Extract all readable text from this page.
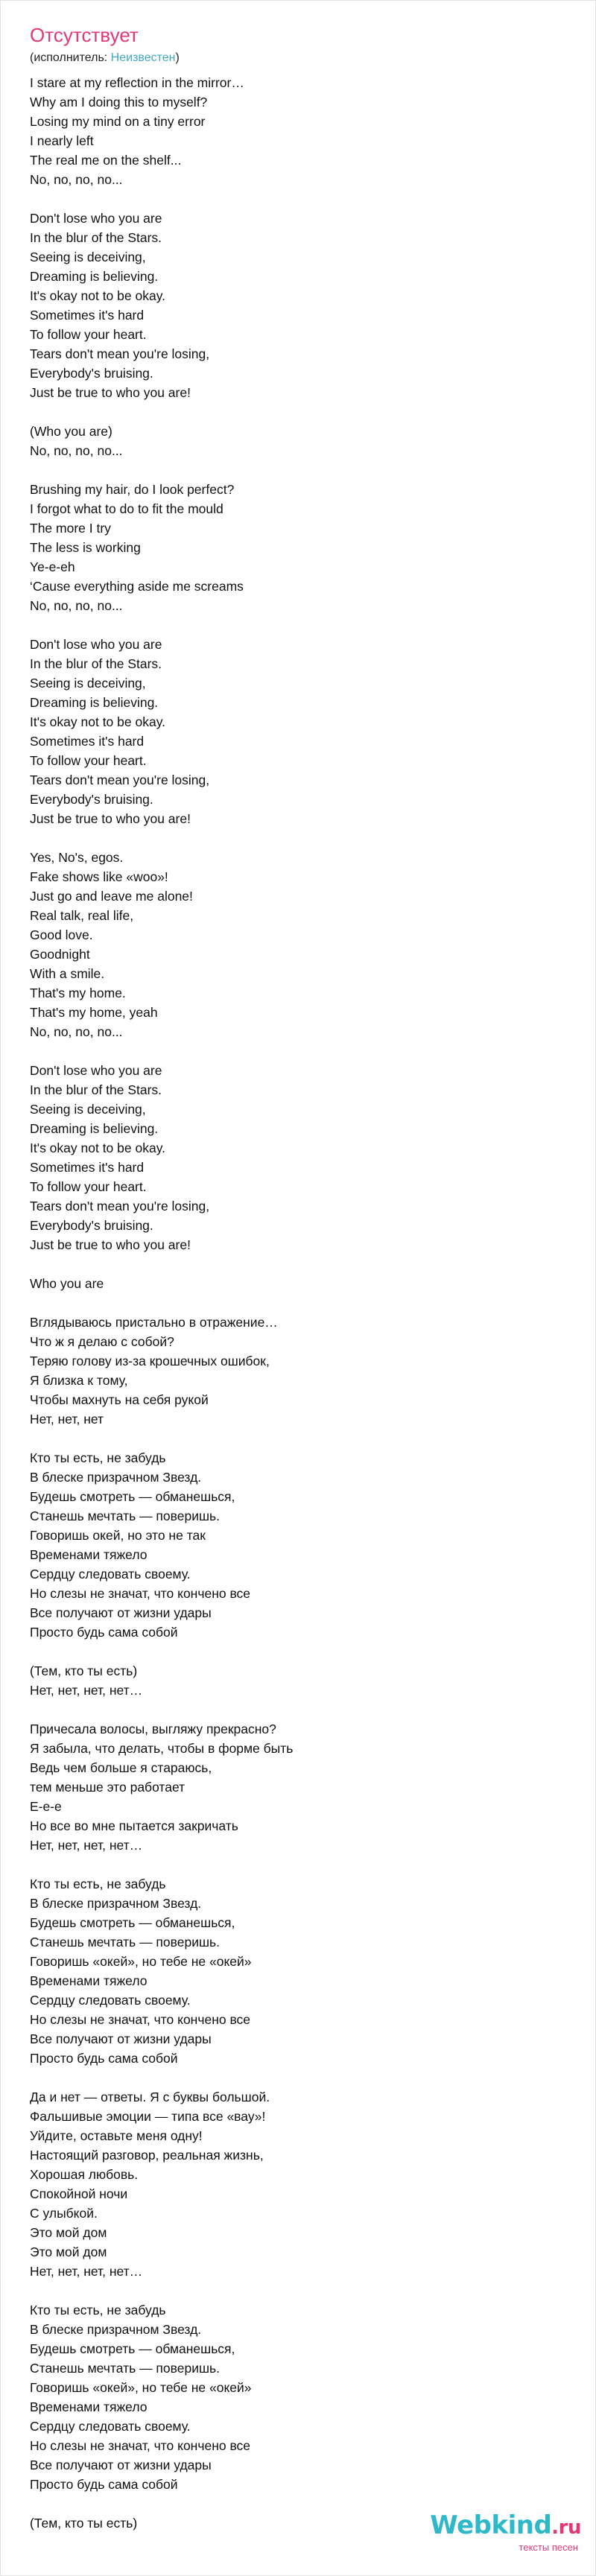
Отсутствует
(исполнитель: Неизвестен)
I stare at my reflection in the mirror…
Why am I doing this to myself?
Losing my mind on a tiny error
I nearly left
The real me on the shelf...
No, no, no, no...
Don't lose who you are
In the blur of the Stars.
Seeing is deceiving,
Dreaming is believing.
It's okay not to be okay.
Sometimes it's hard
To follow your heart.
Tears don't mean you're losing,
Everybody's bruising.
Just be true to who you are!
(Who you are)
No, no, no, no...
Brushing my hair, do I look perfect?
I forgot what to do to fit the mould
The more I try
The less is working
Ye-e-eh
‘Cause everything aside me screams
No, no, no, no...
Don't lose who you are
In the blur of the Stars.
Seeing is deceiving,
Dreaming is believing.
It's okay not to be okay.
Sometimes it's hard
To follow your heart.
Tears don't mean you're losing,
Everybody's bruising.
Just be true to who you are!
Yes, No's, egos.
Fake shows like «woo»!
Just go and leave me alone!
Real talk, real life,
Good love.
Goodnight
With a smile.
That's my home.
That's my home, yeah
No, no, no, no...
Don't lose who you are
In the blur of the Stars.
Seeing is deceiving,
Dreaming is believing.
It's okay not to be okay.
Sometimes it's hard
To follow your heart.
Tears don't mean you're losing,
Everybody's bruising.
Just be true to who you are!
Who you are
Вглядываюсь пристально в отражение…
Что ж я делаю с собой?
Теряю голову из-за крошечных ошибок,
Я близка к тому,
Чтобы махнуть на себя рукой
Нет, нет, нет
Кто ты есть, не забудь
В блеске призрачном Звезд.
Будешь смотреть — обманешься,
Станешь мечтать — поверишь.
Говоришь окей, но это не так
Временами тяжело
Сердцу следовать своему.
Но слезы не значат, что кончено все
Все получают от жизни удары
Просто будь сама собой
(Тем, кто ты есть)
Нет, нет, нет, нет…
Причесала волосы, выгляжу прекрасно?
Я забыла, что делать, чтобы в форме быть
Ведь чем больше я стараюсь,
тем меньше это работает
Е-е-е
Но все во мне пытается закричать
Нет, нет, нет, нет…
Кто ты есть, не забудь
В блеске призрачном Звезд.
Будешь смотреть — обманешься,
Станешь мечтать — поверишь.
Говоришь «окей», но тебе не «окей»
Временами тяжело
Сердцу следовать своему.
Но слезы не значат, что кончено все
Все получают от жизни удары
Просто будь сама собой
Да и нет — ответы. Я с буквы большой.
Фальшивые эмоции — типа все «вау»!
Уйдите, оставьте меня одну!
Настоящий разговор, реальная жизнь,
Хорошая любовь.
Спокойной ночи
С улыбкой.
Это мой дом
Это мой дом
Нет, нет, нет, нет…
Кто ты есть, не забудь
В блеске призрачном Звезд.
Будешь смотреть — обманешься,
Станешь мечтать — поверишь.
Говоришь «окей», но тебе не «окей»
Временами тяжело
Сердцу следовать своему.
Но слезы не значат, что кончено все
Все получают от жизни удары
Просто будь сама собой
(Тем, кто ты есть)	Webkind.ru
тексты песен
